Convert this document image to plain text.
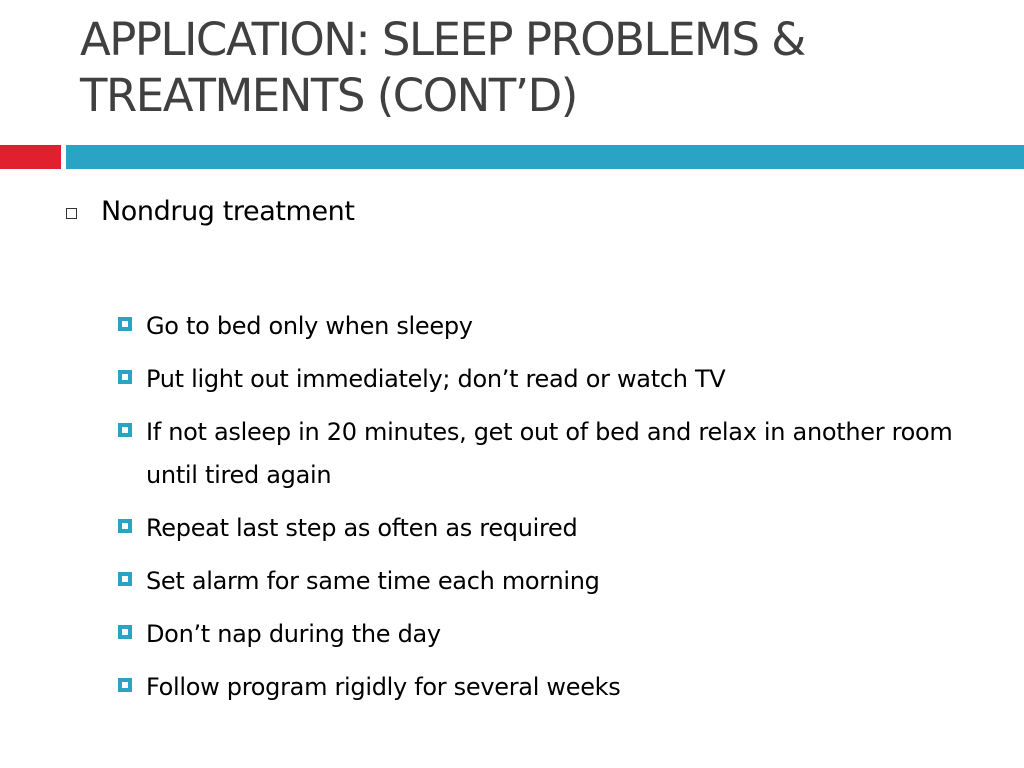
APPLICATION: SLEEP PROBLEMS &
TREATMENTS (CONT’D)
Nondrug treatment
Go to bed only when sleepy
Put light out immediately; don’t read or watch TV
If not asleep in 20 minutes, get out of bed and relax in another room until tired again
Repeat last step as often as required
Set alarm for same time each morning
Don’t nap during the day
Follow program rigidly for several weeks
